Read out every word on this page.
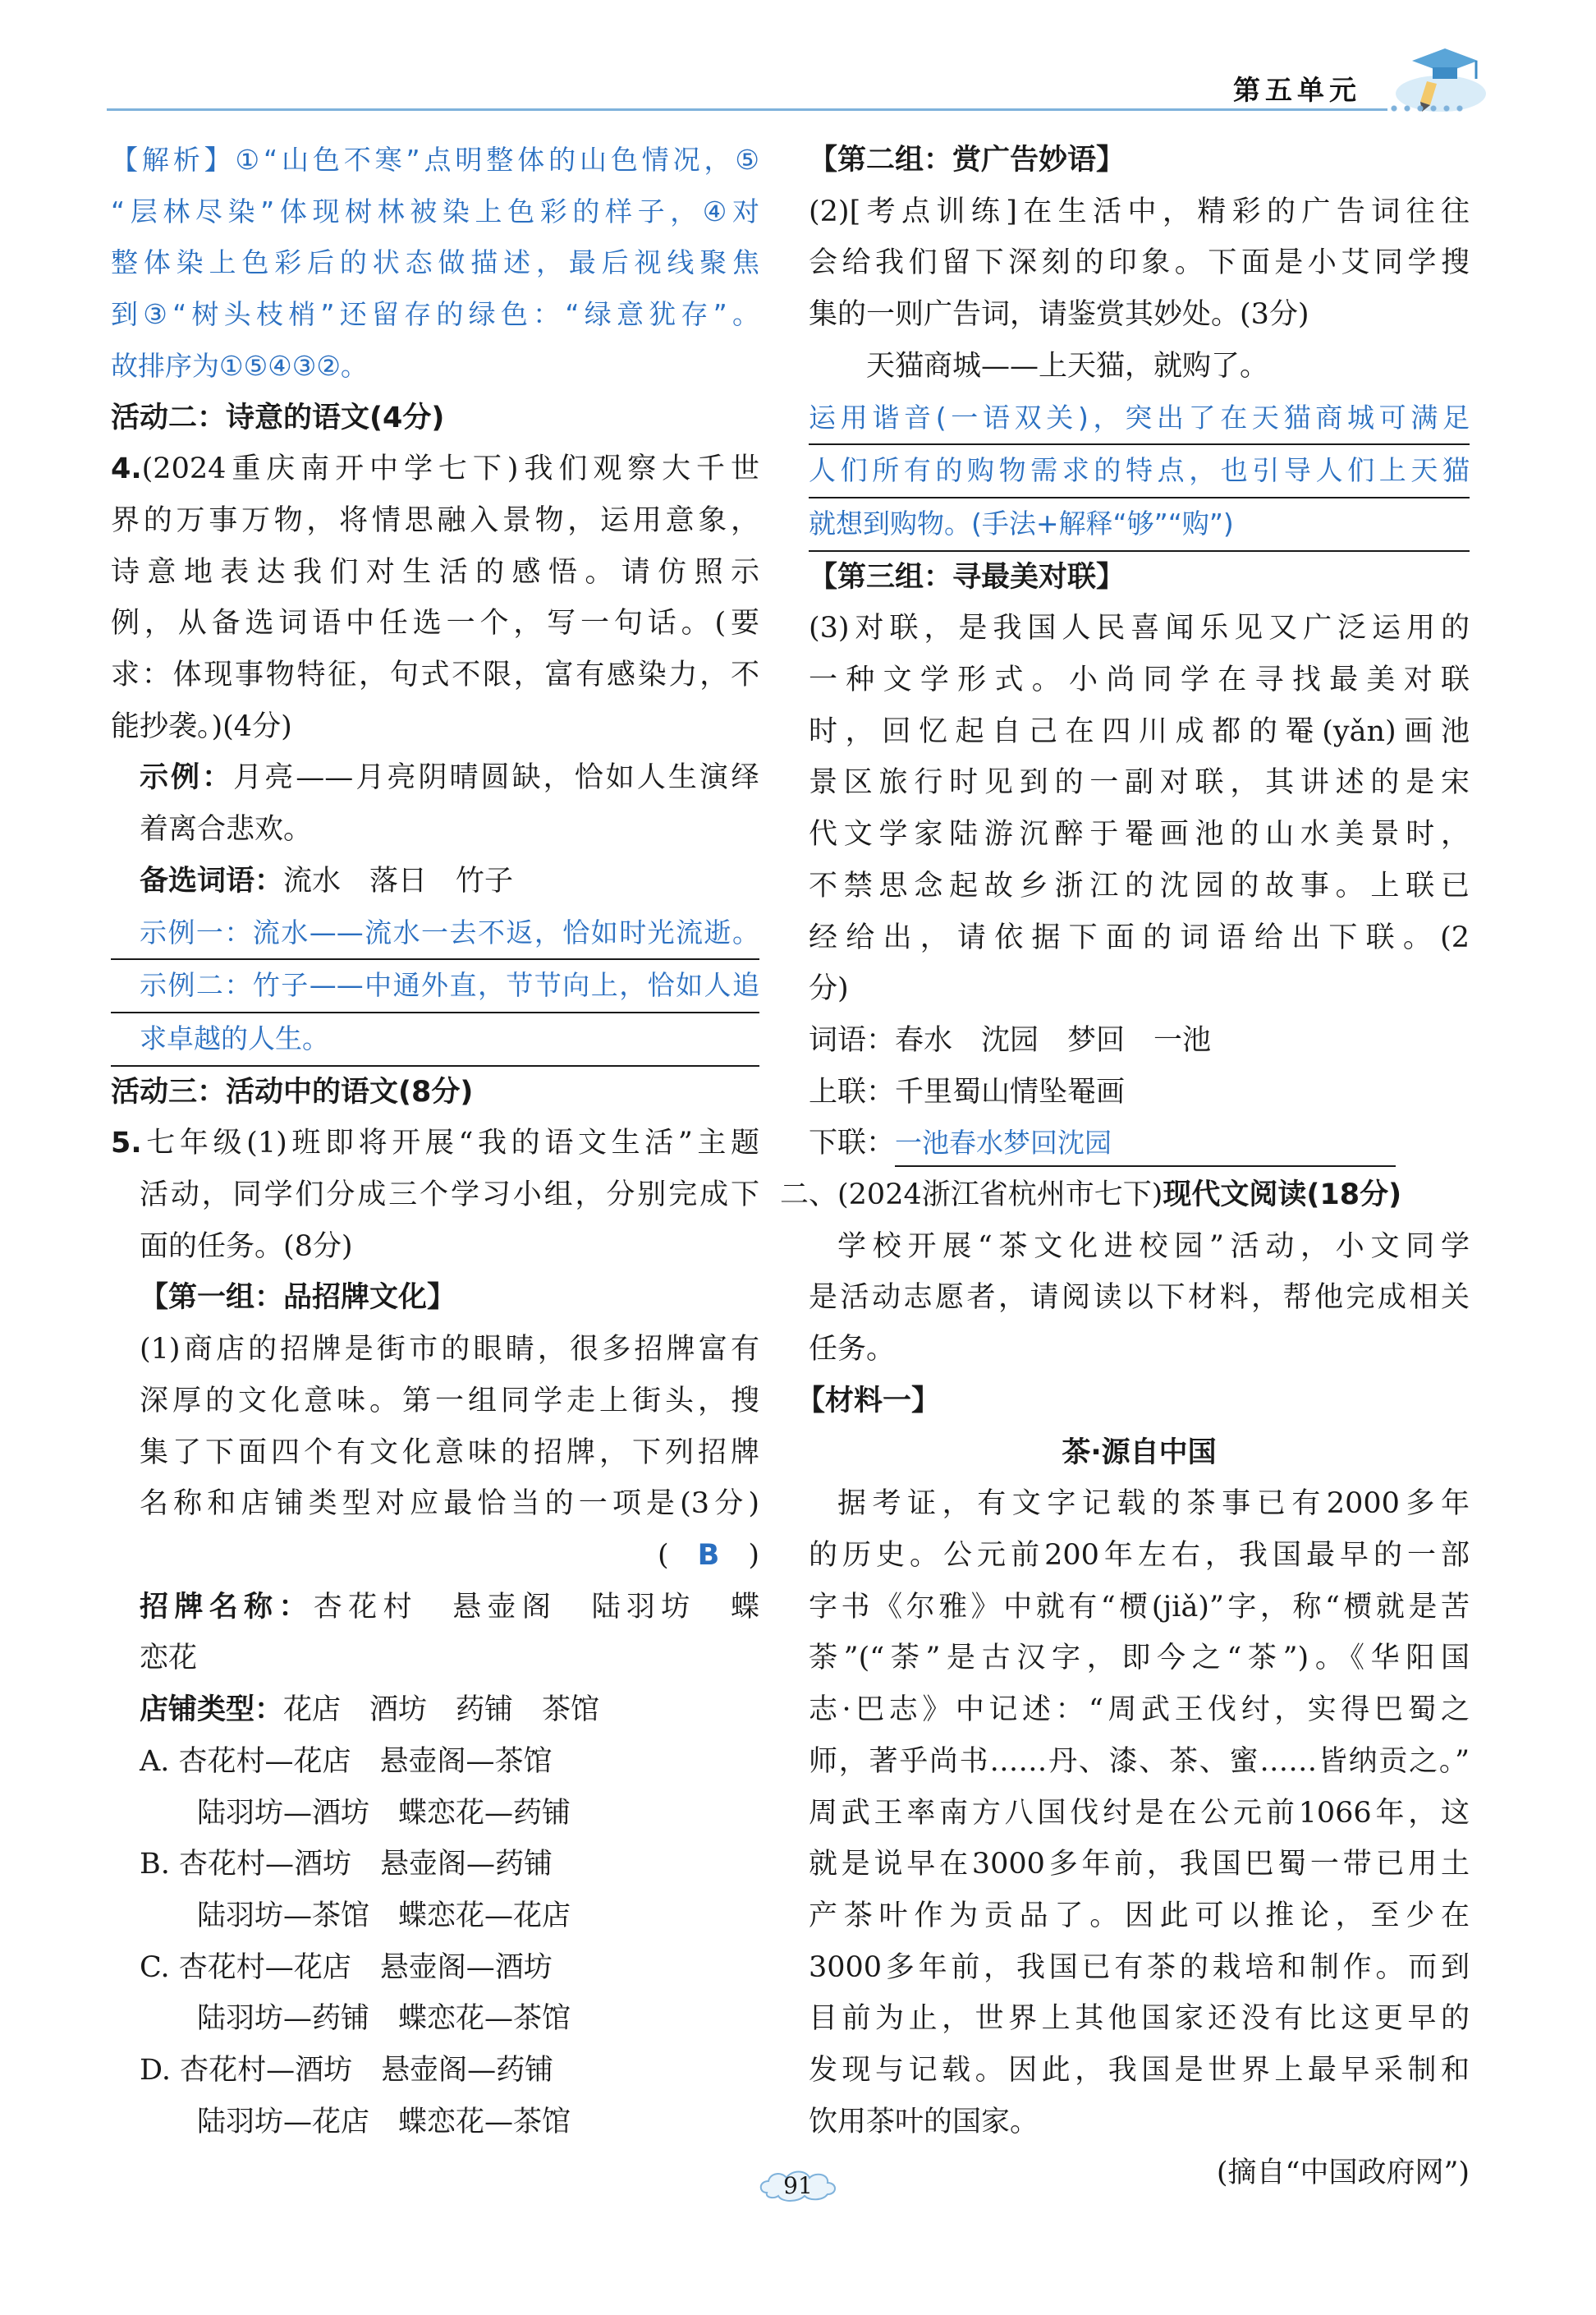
第五单元
【解析】①“山色不寒”点明整体的山色情况，⑤
“层林尽染”体现树林被染上色彩的样子，④对
整体染上色彩后的状态做描述，最后视线聚焦
到③“树头枝梢”还留存的绿色：“绿意犹存”。
故排序为①⑤④③②。
活动二：诗意的语文(4分)
4.(2024重庆南开中学七下)我们观察大千世
界的万事万物，将情思融入景物，运用意象，
诗意地表达我们对生活的感悟。请仿照示
例，从备选词语中任选一个，写一句话。(要
求：体现事物特征，句式不限，富有感染力，不
能抄袭。)(4分)
示例：月亮——月亮阴晴圆缺，恰如人生演绎
着离合悲欢。
备选词语：流水　落日　竹子
示例一：流水——流水一去不返，恰如时光流逝。
示例二：竹子——中通外直，节节向上，恰如人追
求卓越的人生。
活动三：活动中的语文(8分)
5.七年级(1)班即将开展“我的语文生活”主题
活动，同学们分成三个学习小组，分别完成下
面的任务。(8分)
【第一组：品招牌文化】
(1)商店的招牌是街市的眼睛，很多招牌富有
深厚的文化意味。第一组同学走上街头，搜
集了下面四个有文化意味的招牌，下列招牌
名称和店铺类型对应最恰当的一项是(3分)
(　 B　 )
招牌名称：杏花村　悬壶阁　陆羽坊　蝶
恋花
店铺类型：花店　酒坊　药铺　茶馆
A. 杏花村—花店　悬壶阁—茶馆
陆羽坊—酒坊　蝶恋花—药铺
B. 杏花村—酒坊　悬壶阁—药铺
陆羽坊—茶馆　蝶恋花—花店
C. 杏花村—花店　悬壶阁—酒坊
陆羽坊—药铺　蝶恋花—茶馆
D. 杏花村—酒坊　悬壶阁—药铺
陆羽坊—花店　蝶恋花—茶馆
【第二组：赏广告妙语】
(2)[考点训练]在生活中，精彩的广告词往往
会给我们留下深刻的印象。下面是小艾同学搜
集的一则广告词，请鉴赏其妙处。(3分)
天猫商城——上天猫，就购了。
运用谐音(一语双关)，突出了在天猫商城可满足
人们所有的购物需求的特点，也引导人们上天猫
就想到购物。(手法+解释“够”“购”)
【第三组：寻最美对联】
(3)对联，是我国人民喜闻乐见又广泛运用的
一种文学形式。小尚同学在寻找最美对联
时，回忆起自己在四川成都的罨(yǎn)画池
景区旅行时见到的一副对联，其讲述的是宋
代文学家陆游沉醉于罨画池的山水美景时，
不禁思念起故乡浙江的沈园的故事。上联已
经给出，请依据下面的词语给出下联。(2
分)
词语：春水　沈园　梦回　一池
上联：千里蜀山情坠罨画
下联：一池春水梦回沈园
二、(2024浙江省杭州市七下)现代文阅读(18分)
学校开展“茶文化进校园”活动，小文同学
是活动志愿者，请阅读以下材料，帮他完成相关
任务。
【材料一】
茶·源自中国
据考证，有文字记载的茶事已有2000多年
的历史。公元前200年左右，我国最早的一部
字书《尔雅》中就有“槚(jiǎ)”字，称“槚就是苦
荼”(“荼”是古汉字，即今之“茶”)。《华阳国
志·巴志》中记述：“周武王伐纣，实得巴蜀之
师，著乎尚书……丹、漆、茶、蜜……皆纳贡之。”
周武王率南方八国伐纣是在公元前1066年，这
就是说早在3000多年前，我国巴蜀一带已用土
产茶叶作为贡品了。因此可以推论，至少在
3000多年前，我国已有茶的栽培和制作。而到
目前为止，世界上其他国家还没有比这更早的
发现与记载。因此，我国是世界上最早采制和
饮用茶叶的国家。
(摘自“中国政府网”)
91
